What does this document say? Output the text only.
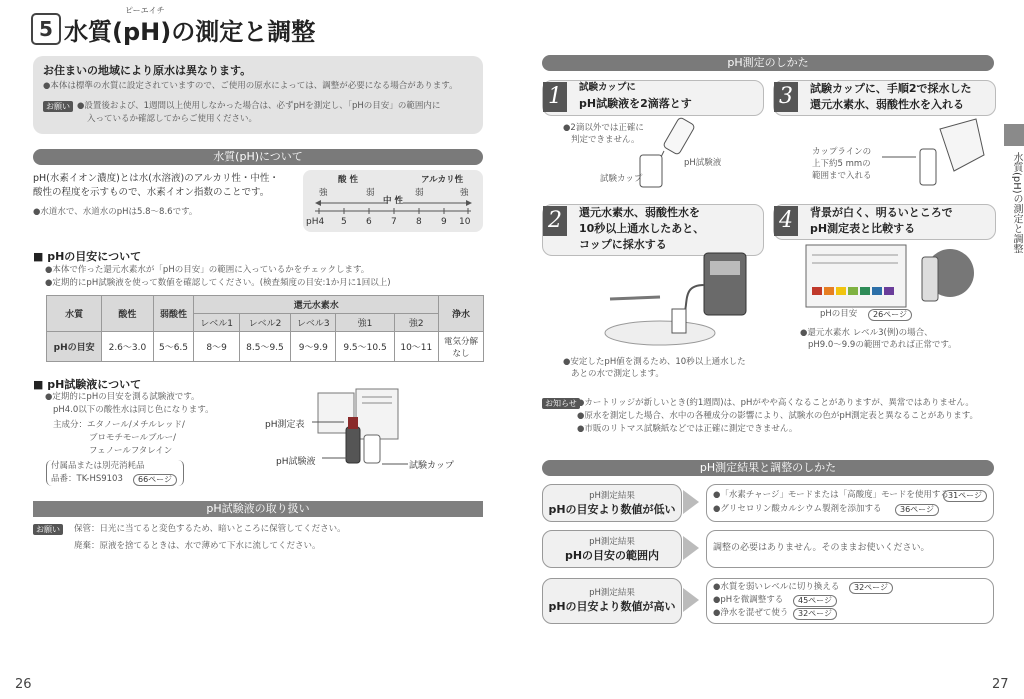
5
ピーエイチ
水質(pH)の測定と調整
お住まいの地域により原水は異なります。
●本体は標準の水質に設定されていますので、ご使用の原水によっては、調整が必要になる場合があります。
お願い ●設置後および、1週間以上使用しなかった場合は、必ずpHを測定し、「pHの目安」の範囲内に
入っているか確認してからご使用ください。
水質(pH)について
pH(水素イオン濃度)とは水(水溶液)のアルカリ性・中性・
酸性の程度を示すもので、水素イオン指数のことです。
●水道水で、水道水のpHは5.8〜8.6です。
酸 性	アルカリ性
強	弱	弱	強
中 性
pH4 5 6 7 8 9 10
■ pHの目安について
●本体で作った還元水素水が「pHの目安」の範囲に入っているかをチェックします。
●定期的にpH試験液を使って数値を確認してください。(検査頻度の目安:1か月に1回以上)
水質	酸性	弱酸性	還元水素水					浄水
			レベル1	レベル2	レベル3	強1	強2	
pHの目安	2.6〜3.0	5〜6.5	8〜9	8.5〜9.5	9〜9.9	9.5〜10.5	10〜11	電気分解なし
■ pH試験液について
●定期的にpHの目安を測る試験液です。
pH4.0以下の酸性水は同じ色になります。
主成分：エタノール/メチルレッド/
ブロモチモールブルー/
フェノールフタレイン
付属品または別売消耗品
品番：TK-HS9103	66ページ
pH測定表
pH試験液	試験カップ
pH試験液の取り扱い
お願い	保管：日光に当てると変色するため、暗いところに保管してください。
廃棄：原液を捨てるときは、水で薄めて下水に流してください。
26
pH測定のしかた
1	試験カップに
pH試験液を2滴落とす
●2滴以外では正確に
判定できません。
pH試験液
試験カップ
3	試験カップに、手順2で採水した
還元水素水、弱酸性水を入れる
カップラインの
上下約5 mmの
範囲まで入れる
2	還元水素水、弱酸性水を
10秒以上通水したあと、
コップに採水する
●安定したpH値を測るため、10秒以上通水した
あとの水で測定します。
4	背景が白く、明るいところで
pH測定表と比較する
pHの目安	26ページ
●還元水素水 レベル3(例)の場合、
pH9.0〜9.9の範囲であれば正常です。
お知らせ ●カートリッジが新しいとき(約1週間)は、pHがやや高くなることがありますが、異常ではありません。
●原水を測定した場合、水中の各種成分の影響により、試験水の色がpH測定表と異なることがあります。
●市販のリトマス試験紙などでは正確に測定できません。
pH測定結果と調整のしかた
pH測定結果
pHの目安より数値が低い
●「水素チャージ」モードまたは「高酸度」モードを使用する 31ページ
●グリセロリン酸カルシウム製剤を添加する	36ページ
pH測定結果
pHの目安の範囲内
調整の必要はありません。そのままお使いください。
pH測定結果
pHの目安より数値が高い
●水質を弱いレベルに切り換える	32ページ
●pHを微調整する	45ページ
●浄水を混ぜて使う	32ページ
水質(pH)の測定と調整
27
